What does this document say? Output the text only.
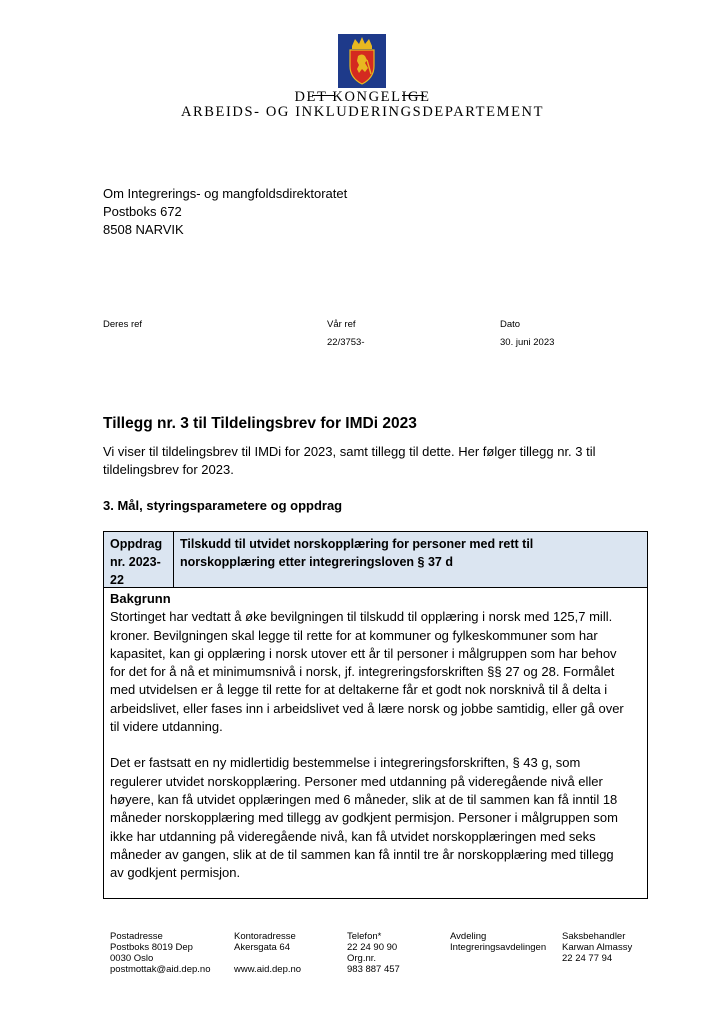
DET KONGELIGE
ARBEIDS- OG INKLUDERINGSDEPARTEMENT
Om Integrerings- og mangfoldsdirektoratet
Postboks 672
8508 NARVIK
Deres ref	Vår ref
22/3753-
Dato
30. juni 2023
Tillegg nr. 3 til Tildelingsbrev for IMDi 2023
Vi viser til tildelingsbrev til IMDi for 2023, samt tillegg til dette. Her følger tillegg nr. 3 til
tildelingsbrev for 2023.
3. Mål, styringsparametere og oppdrag
Oppdrag
nr. 2023-
22
Tilskudd til utvidet norskopplæring for personer med rett til
norskopplæring etter integreringsloven § 37 d

Bakgrunn

Stortinget har vedtatt å øke bevilgningen til tilskudd til opplæring i norsk med 125,7 mill.

kroner. Bevilgningen skal legge til rette for at kommuner og fylkeskommuner som har

kapasitet, kan gi opplæring i norsk utover ett år til personer i målgruppen som har behov

for det for å nå et minimumsnivå i norsk, jf. integreringsforskriften §§ 27 og 28. Formålet

med utvidelsen er å legge til rette for at deltakerne får et godt nok norsknivå til å delta i

arbeidslivet, eller fases inn i arbeidslivet ved å lære norsk og jobbe samtidig, eller gå over

til videre utdanning.

Det er fastsatt en ny midlertidig bestemmelse i integreringsforskriften, § 43 g, som

regulerer utvidet norskopplæring. Personer med utdanning på videregående nivå eller

høyere, kan få utvidet opplæringen med 6 måneder, slik at de til sammen kan få inntil 18

måneder norskopplæring med tillegg av godkjent permisjon. Personer i målgruppen som

ikke har utdanning på videregående nivå, kan få utvidet norskopplæringen med seks

måneder av gangen, slik at de til sammen kan få inntil tre år norskopplæring med tillegg

av godkjent permisjon.

Postadresse
Postboks 8019 Dep
0030 Oslo
postmottak@aid.dep.no
Kontoradresse
Akersgata 64

www.aid.dep.no
Telefon*
22 24 90 90
Org.nr.
983 887 457
Avdeling
Integreringsavdelingen
Saksbehandler
Karwan Almassy
22 24 77 94
